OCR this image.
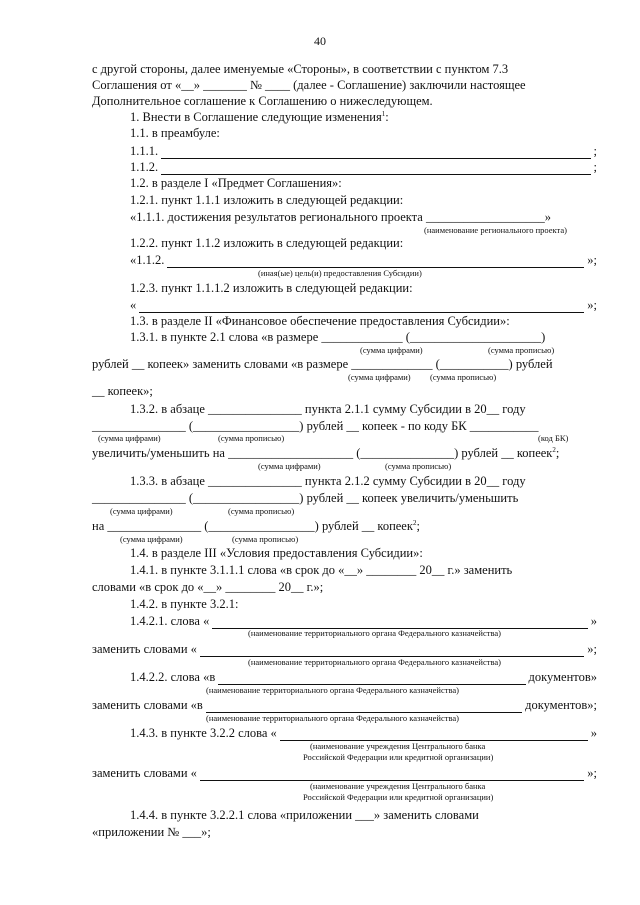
40
с другой стороны, далее именуемые «Стороны», в соответствии с пунктом 7.3
Соглашения от «__» _______ № ____ (далее - Соглашение) заключили настоящее
Дополнительное соглашение к Соглашению о нижеследующем.
1. Внести в Соглашение следующие изменения$^1$:
1.1. в преамбуле:
1.1.1.	;
1.1.2.	;
1.2. в разделе I «Предмет Соглашения»:
1.2.1. пункт 1.1.1 изложить в следующей редакции:
«1.1.1. достижения результатов регионального проекта ___________________»
(наименование регионального проекта)
1.2.2. пункт 1.1.2 изложить в следующей редакции:
«1.1.2.	»;
(иная(ые) цель(и) предоставления Субсидии)
1.2.3. пункт 1.1.1.2 изложить в следующей редакции:
«	»;
1.3. в разделе II «Финансовое обеспечение предоставления Субсидии»:
1.3.1. в пункте 2.1 слова «в размере _____________ (_____________________)
(сумма цифрами)	(сумма прописью)
рублей __ копеек» заменить словами «в размере _____________ (___________) рублей
(сумма цифрами) (сумма прописью)
__ копеек»;
1.3.2. в абзаце _______________ пункта 2.1.1 сумму Субсидии в 20__ году
_______________ (_________________) рублей __ копеек - по коду БК ___________
(сумма цифрами)	(сумма прописью)	(код БК)
увеличить/уменьшить на ____________________ (_______________) рублей __ копеек$^2$;
(сумма цифрами)	(сумма прописью)
1.3.3. в абзаце _______________ пункта 2.1.2 сумму Субсидии в 20__ году
_______________ (_________________) рублей __ копеек увеличить/уменьшить
(сумма цифрами)	(сумма прописью)
на _______________ (_________________) рублей __ копеек$^2$;
(сумма цифрами)	(сумма прописью)
1.4. в разделе III «Условия предоставления Субсидии»:
1.4.1. в пункте 3.1.1.1 слова «в срок до «__» ________ 20__ г.» заменить
словами «в срок до «__» ________ 20__ г.»;
1.4.2. в пункте 3.2.1:
1.4.2.1. слова «	»
(наименование территориального органа Федерального казначейства)
заменить словами «	»;
(наименование территориального органа Федерального казначейства)
1.4.2.2. слова «в	документов»
(наименование территориального органа Федерального казначейства)
заменить словами «в	документов»;
(наименование территориального органа Федерального казначейства)
1.4.3. в пункте 3.2.2 слова «	»
(наименование учреждения Центрального банка
Российской Федерации или кредитной организации)
заменить словами «	»;
(наименование учреждения Центрального банка
Российской Федерации или кредитной организации)
1.4.4. в пункте 3.2.2.1 слова «приложении ___» заменить словами
«приложении № ___»;
